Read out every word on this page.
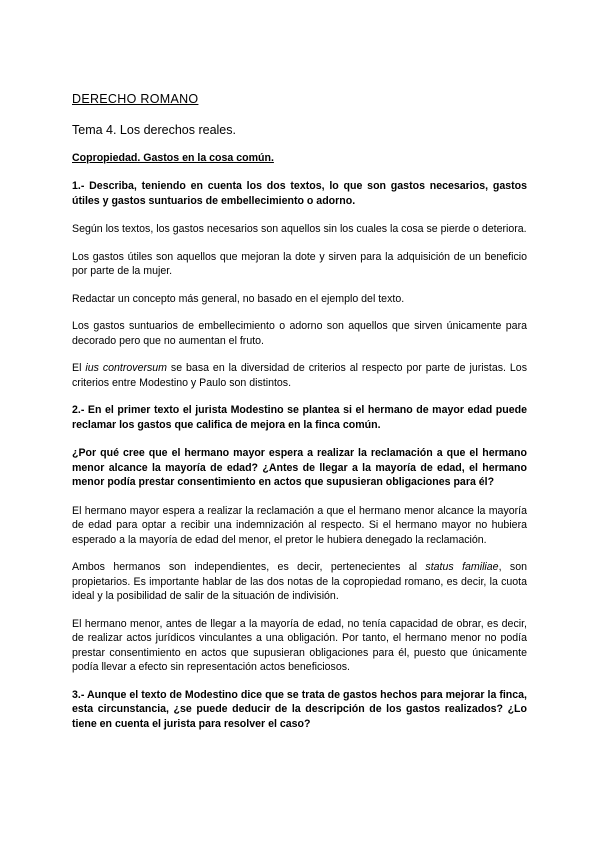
DERECHO ROMANO
Tema 4. Los derechos reales.
Copropiedad. Gastos en la cosa común.

1.- Describa, teniendo en cuenta los dos textos, lo que son gastos necesarios, gastos útiles y gastos suntuarios de embellecimiento o adorno.

Según los textos, los gastos necesarios son aquellos sin los cuales la cosa se pierde o deteriora.

Los gastos útiles son aquellos que mejoran la dote y sirven para la adquisición de un beneficio por parte de la mujer.

Redactar un concepto más general, no basado en el ejemplo del texto.

Los gastos suntuarios de embellecimiento o adorno son aquellos que sirven únicamente para decorado pero que no aumentan el fruto.

El ius controversum se basa en la diversidad de criterios al respecto por parte de juristas. Los criterios entre Modestino y Paulo son distintos.

2.- En el primer texto el jurista Modestino se plantea si el hermano de mayor edad puede reclamar los gastos que califica de mejora en la finca común.

¿Por qué cree que el hermano mayor espera a realizar la reclamación a que el hermano menor alcance la mayoría de edad? ¿Antes de llegar a la mayoría de edad, el hermano menor podía prestar consentimiento en actos que supusieran obligaciones para él?

El hermano mayor espera a realizar la reclamación a que el hermano menor alcance la mayoría de edad para optar a recibir una indemnización al respecto. Si el hermano mayor no hubiera esperado a la mayoría de edad del menor, el pretor le hubiera denegado la reclamación.

Ambos hermanos son independientes, es decir, pertenecientes al status familiae, son propietarios. Es importante hablar de las dos notas de la copropiedad romano, es decir, la cuota ideal y la posibilidad de salir de la situación de indivisión.

El hermano menor, antes de llegar a la mayoría de edad, no tenía capacidad de obrar, es decir, de realizar actos jurídicos vinculantes a una obligación. Por tanto, el hermano menor no podía prestar consentimiento en actos que supusieran obligaciones para él, puesto que únicamente podía llevar a efecto sin representación actos beneficiosos.

3.- Aunque el texto de Modestino dice que se trata de gastos hechos para mejorar la finca, esta circunstancia, ¿se puede deducir de la descripción de los gastos realizados? ¿Lo tiene en cuenta el jurista para resolver el caso?
